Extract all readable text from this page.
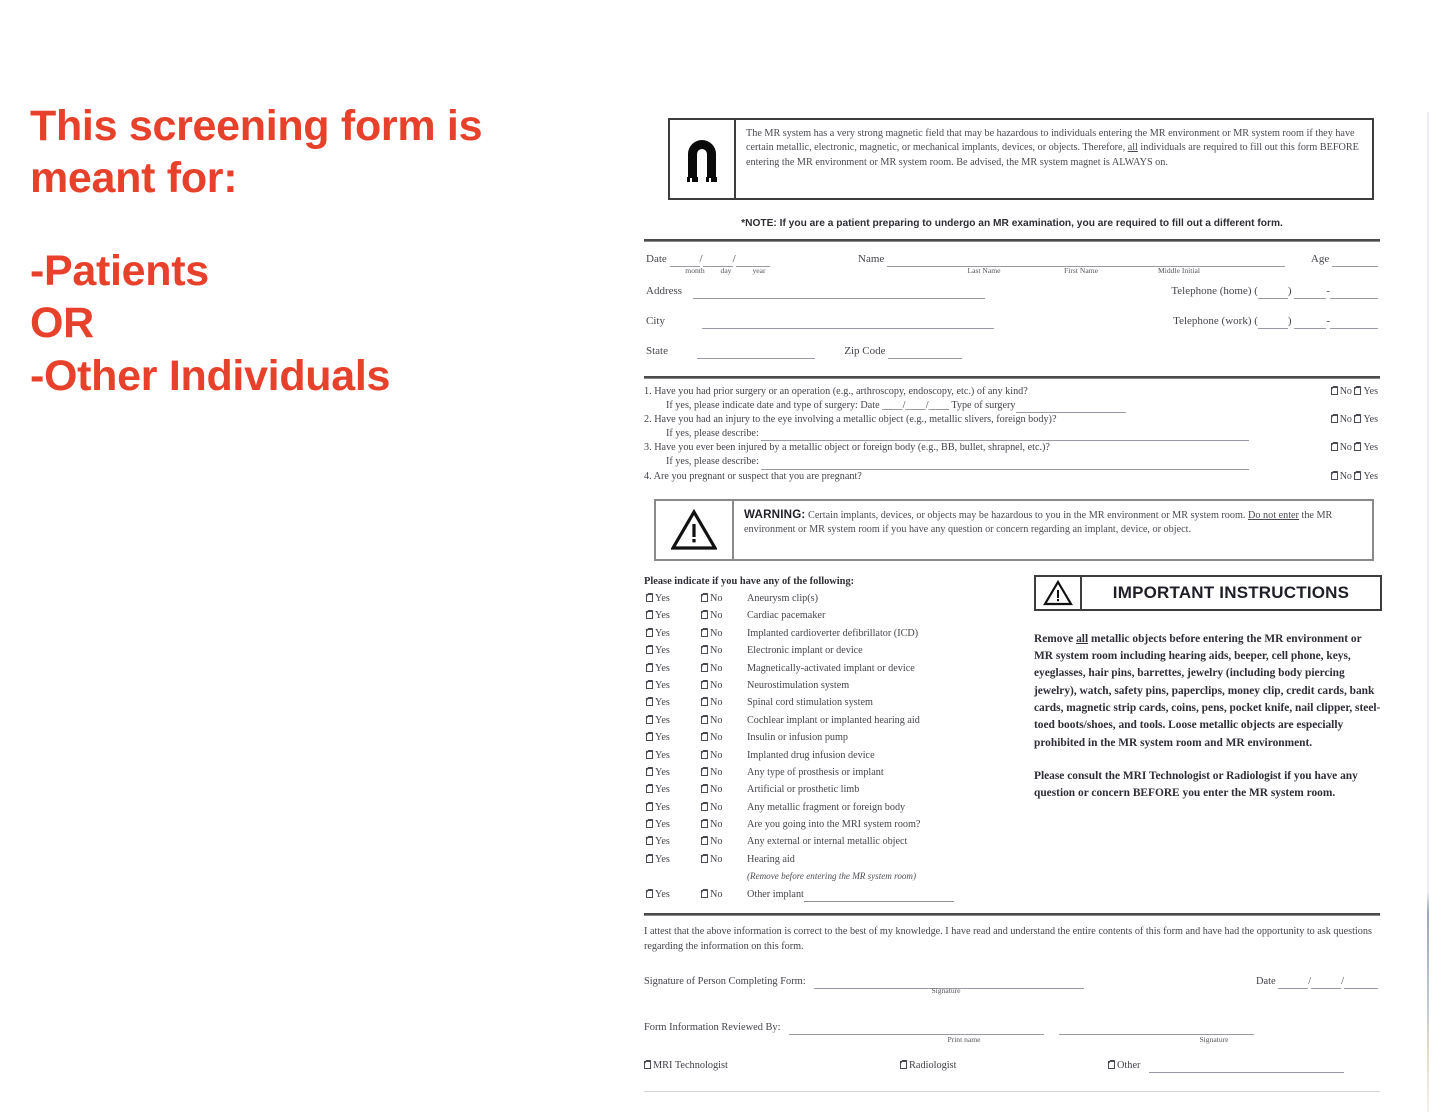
This screening form is
meant for:
-Patients
OR
-Other Individuals
The MR system has a very strong magnetic field that may be hazardous to individuals entering the MR environment or MR system room if they have certain metallic, electronic, magnetic, or mechanical implants, devices, or objects. Therefore, all individuals are required to fill out this form BEFORE entering the MR environment or MR system room. Be advised, the MR system magnet is ALWAYS on.
*NOTE: If you are a patient preparing to undergo an MR examination, you are required to fill out a different form.
Date	/	/
month	day	year
Name
Last Name	First Name	Middle Initial
Age
Address	Telephone (home) (	)	-
City	Telephone (work) (	)	-
State	Zip Code
1. Have you had prior surgery or an operation (e.g., arthroscopy, endoscopy, etc.) of any kind?	No Yes
If yes, please indicate date and type of surgery: Date ____/____/____ Type of surgery
2. Have you had an injury to the eye involving a metallic object (e.g., metallic slivers, foreign body)?	No Yes
If yes, please describe:
3. Have you ever been injured by a metallic object or foreign body (e.g., BB, bullet, shrapnel, etc.)?	No Yes
If yes, please describe:
4. Are you pregnant or suspect that you are pregnant?	No Yes
WARNING: Certain implants, devices, or objects may be hazardous to you in the MR environment or MR system room. Do not enter the MR environment or MR system room if you have any question or concern regarding an implant, device, or object.
Please indicate if you have any of the following:
Yes	No Aneurysm clip(s)
Yes	No Cardiac pacemaker
Yes	No Implanted cardioverter defibrillator (ICD)
Yes	No Electronic implant or device
Yes	No Magnetically-activated implant or device
Yes	No Neurostimulation system
Yes	No Spinal cord stimulation system
Yes	No Cochlear implant or implanted hearing aid
Yes	No Insulin or infusion pump
Yes	No Implanted drug infusion device
Yes	No Any type of prosthesis or implant
Yes	No Artificial or prosthetic limb
Yes	No Any metallic fragment or foreign body
Yes	No Are you going into the MRI system room?
Yes	No Any external or internal metallic object
Yes	No Hearing aid
(Remove before entering the MR system room)
Yes	No Other implant
IMPORTANT INSTRUCTIONS

Remove all metallic objects before entering the MR environment or MR system room including hearing aids, beeper, cell phone, keys, eyeglasses, hair pins, barrettes, jewelry (including body piercing jewelry), watch, safety pins, paperclips, money clip, credit cards, bank cards, magnetic strip cards, coins, pens, pocket knife, nail clipper, steel-toed boots/shoes, and tools. Loose metallic objects are especially prohibited in the MR system room and MR environment.

Please consult the MRI Technologist or Radiologist if you have any question or concern BEFORE you enter the MR system room.

I attest that the above information is correct to the best of my knowledge. I have read and understand the entire contents of this form and have had the opportunity to ask questions regarding the information on this form.
Signature of Person Completing Form:
Signature
Date	/	/
Form Information Reviewed By:
Print name	Signature
MRI Technologist	Radiologist	Other
